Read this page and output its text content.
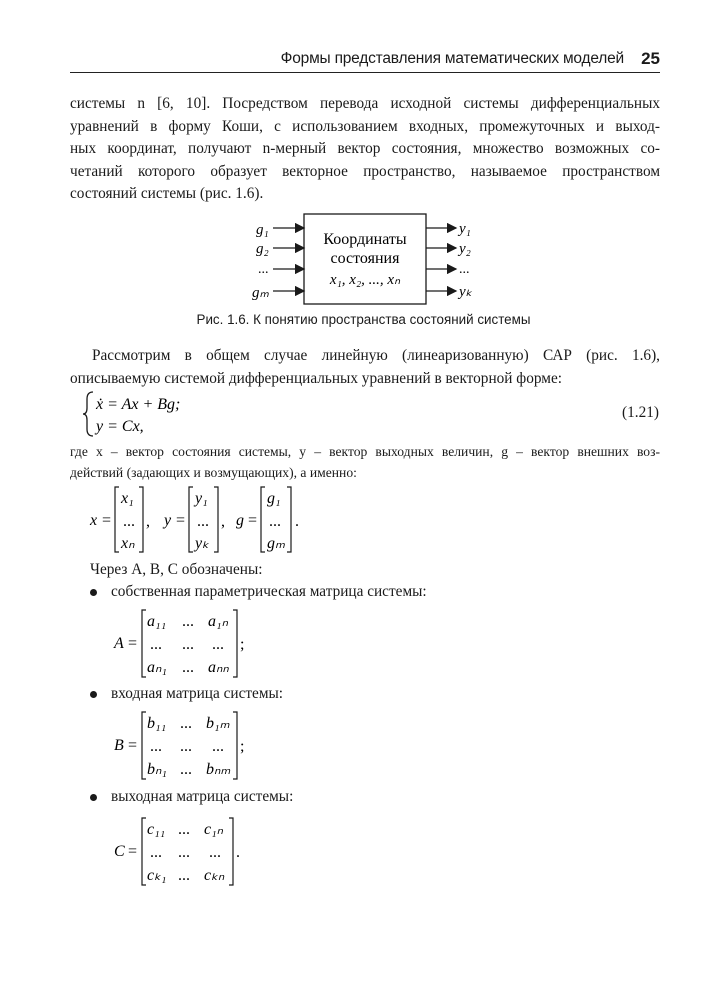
Формы представления математических моделей 25

системы n [6, 10]. Посредством перевода исходной системы дифференциальных
уравнений в форму Коши, с использованием входных, промежуточных и выход-
ных координат, получают n-мерный вектор состояния, множество возможных со-
четаний которого образует векторное пространство, называемое пространством
состояний системы (рис. 1.6).

Координаты
состояния
x₁, x₂, ..., xₙ
g₁
g₂
...
gₘ
y₁
y₂
...
yₖ
Рис. 1.6. К понятию пространства состояний системы

Рассмотрим в общем случае линейную (линеаризованную) САР (рис. 1.6),
описываемую системой дифференциальных уравнений в векторной форме:

ẋ = Ax + Bg;
y = Cx,
(1.21)

где x – вектор состояния системы, y – вектор выходных величин, g – вектор внешних воз-
действий (задающих и возмущающих), а именно:

x =
x₁
...
xₙ
, y =
y₁
...
yₖ
, g =
g₁
...
gₘ
.
Через A, B, C обозначены:
собственная параметрическая матрица системы:
A =
a₁₁ ... a₁ₙ
... ... ...
aₙ₁ ... aₙₙ
;
входная матрица системы:
B =
b₁₁ ... b₁ₘ
... ... ...
bₙ₁ ... bₙₘ
;
выходная матрица системы:
C =
c₁₁ ... c₁ₙ
... ... ...
cₖ₁ ... cₖₙ
.
